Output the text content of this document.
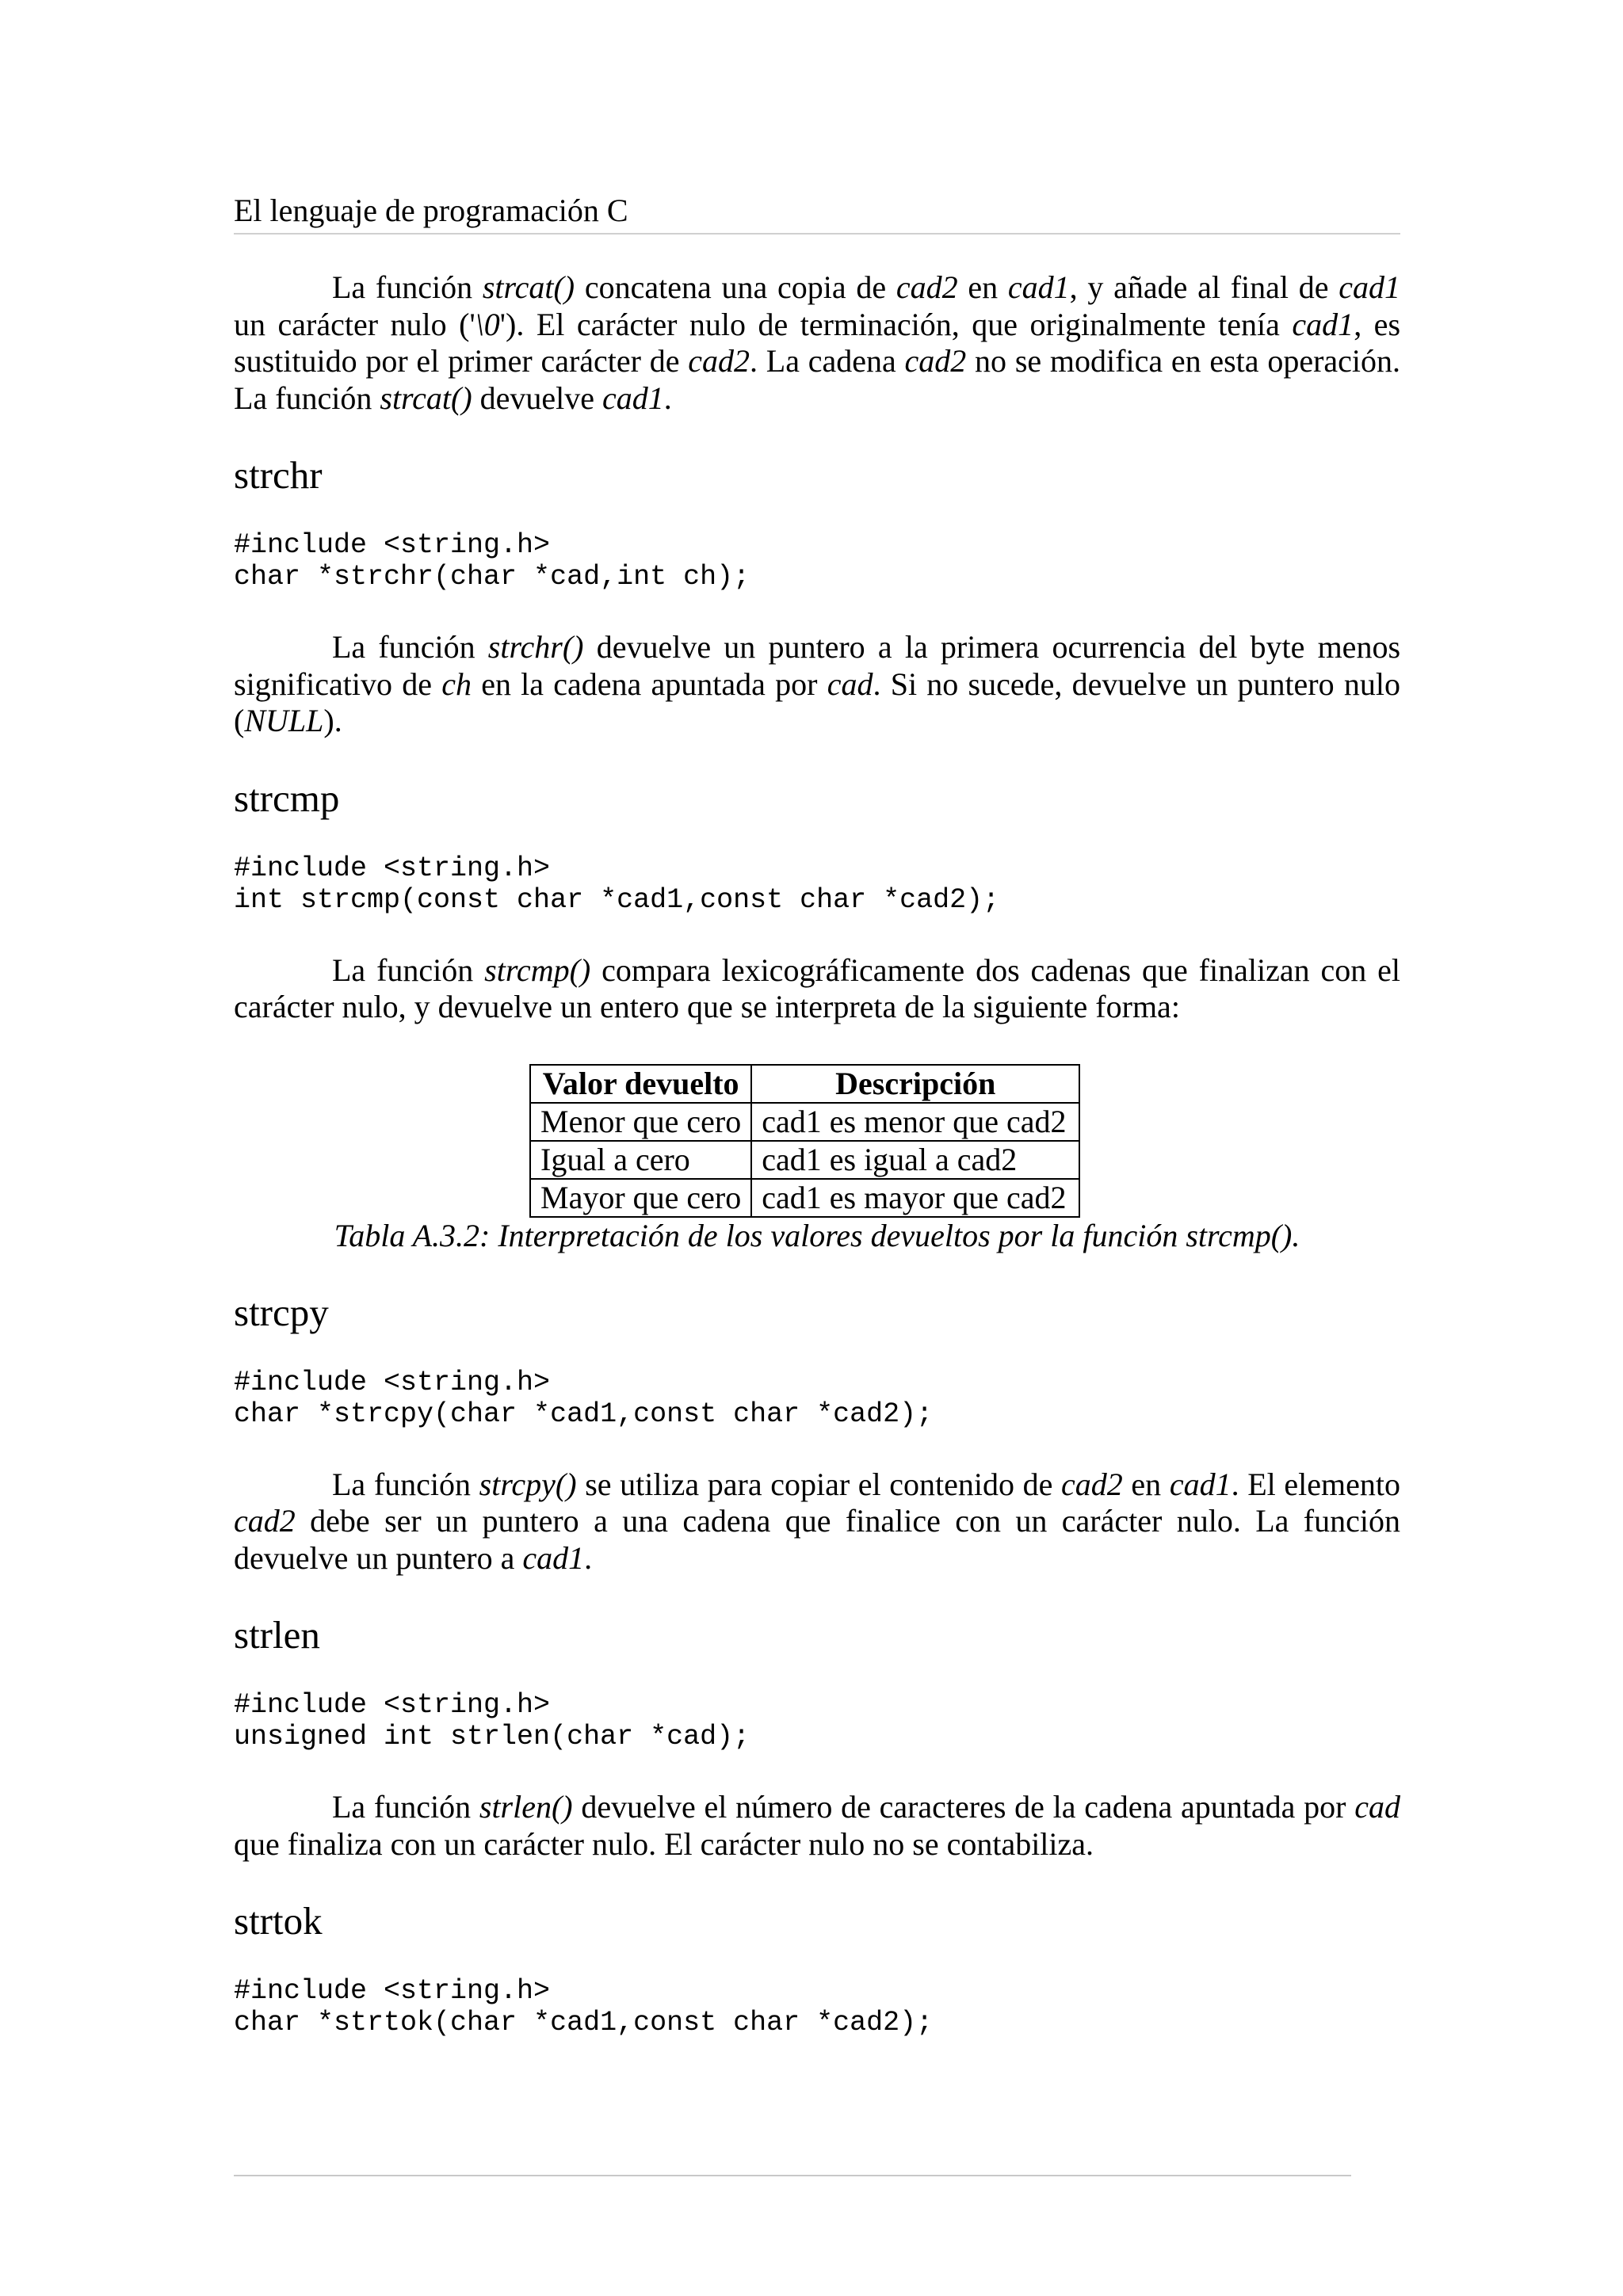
El lenguaje de programación C

La función strcat() concatena una copia de cad2 en cad1, y añade al final de cad1 un carácter nulo ('\0'). El carácter nulo de terminación, que originalmente tenía cad1, es sustituido por el primer carácter de cad2. La cadena cad2 no se modifica en esta operación. La función strcat() devuelve cad1.

strchr
#include <string.h>
char *strchr(char *cad,int ch);

La función strchr() devuelve un puntero a la primera ocurrencia del byte menos significativo de ch en la cadena apuntada por cad. Si no sucede, devuelve un puntero nulo (NULL).

strcmp
#include <string.h>
int strcmp(const char *cad1,const char *cad2);

La función strcmp() compara lexicográficamente dos cadenas que finalizan con el carácter nulo, y devuelve un entero que se interpreta de la siguiente forma:

Valor devuelto	Descripción
Menor que cero	cad1 es menor que cad2
Igual a cero	cad1 es igual a cad2
Mayor que cero	cad1 es mayor que cad2

Tabla A.3.2: Interpretación de los valores devueltos por la función strcmp().

strcpy
#include <string.h>
char *strcpy(char *cad1,const char *cad2);

La función strcpy() se utiliza para copiar el contenido de cad2 en cad1. El elemento cad2 debe ser un puntero a una cadena que finalice con un carácter nulo. La función devuelve un puntero a cad1.

strlen
#include <string.h>
unsigned int strlen(char *cad);

La función strlen() devuelve el número de caracteres de la cadena apuntada por cad que finaliza con un carácter nulo. El carácter nulo no se contabiliza.

strtok
#include <string.h>
char *strtok(char *cad1,const char *cad2);
